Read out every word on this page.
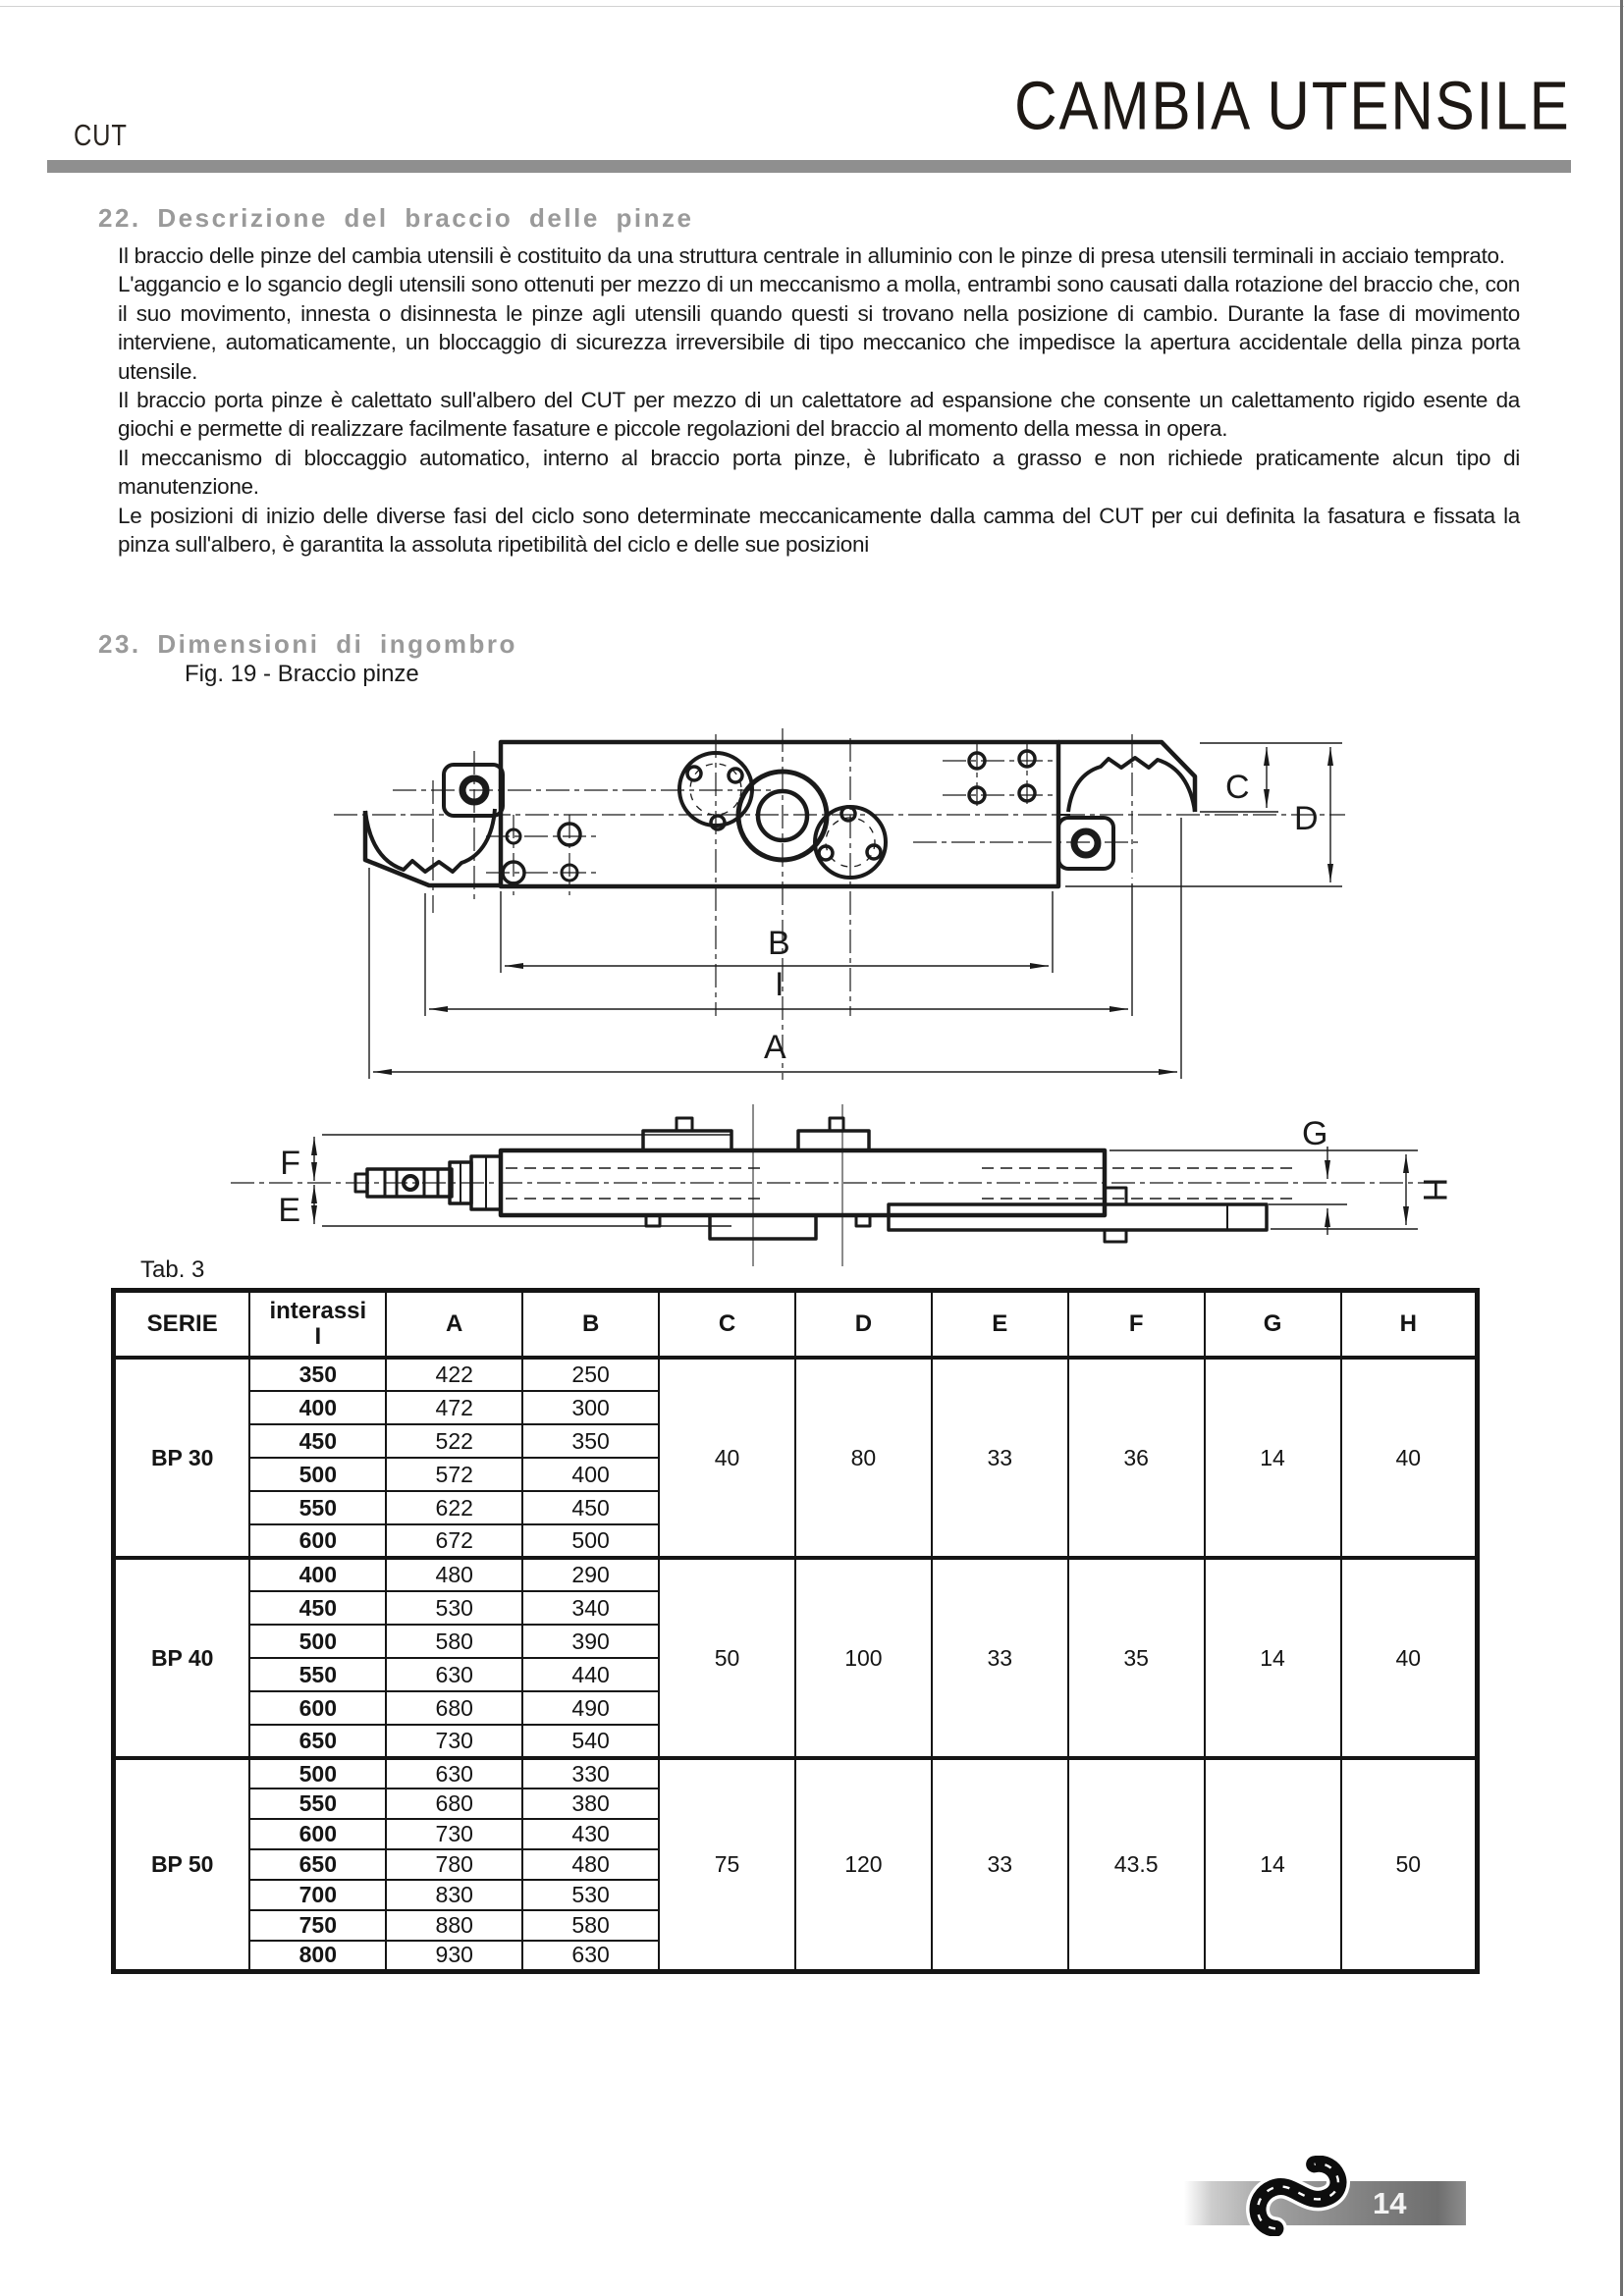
CUT	CAMBIA UTENSILE
22. Descrizione del braccio delle pinze

Il braccio delle pinze del cambia utensili è costituito da una struttura centrale in alluminio con le pinze di presa utensili terminali in acciaio temprato.

L'aggancio e lo sgancio degli utensili sono ottenuti per mezzo di un meccanismo a molla, entrambi sono causati dalla rotazione del braccio che, con il suo movimento, innesta o disinnesta le pinze agli utensili quando questi si trovano nella posizione di cambio. Durante la fase di movimento interviene, automaticamente, un bloccaggio di sicurezza irreversibile di tipo meccanico che impedisce la apertura accidentale della pinza porta utensile.

Il braccio porta pinze è calettato sull'albero del CUT per mezzo di un calettatore ad espansione che consente un calettamento rigido esente da giochi e permette di realizzare facilmente fasature e piccole regolazioni del braccio al momento della messa in opera.

Il meccanismo di bloccaggio automatico, interno al braccio porta pinze, è lubrificato a grasso e non richiede praticamente alcun tipo di manutenzione.

Le posizioni di inizio delle diverse fasi del ciclo sono determinate meccanicamente dalla camma del CUT per cui definita la fasatura e fissata la pinza sull'albero, è garantita la assoluta ripetibilità del ciclo e delle sue posizioni

23. Dimensioni di ingombro
Fig. 19 - Braccio pinze
C
D
B
I
A
F
E
G
H
Tab. 3
SERIE	interassi
I	A	B	C	D	E	F	G	H
BP 30	350	422	250	40	80	33	36	14	40
	400	472	300						
	450	522	350						
	500	572	400						
	550	622	450						
	600	672	500						
BP 40	400	480	290	50	100	33	35	14	40
	450	530	340						
	500	580	390						
	550	630	440						
	600	680	490						
	650	730	540						
BP 50	500	630	330	75	120	33	43.5	14	50
	550	680	380						
	600	730	430						
	650	780	480						
	700	830	530						
	750	880	580						
	800	930	630						
14
